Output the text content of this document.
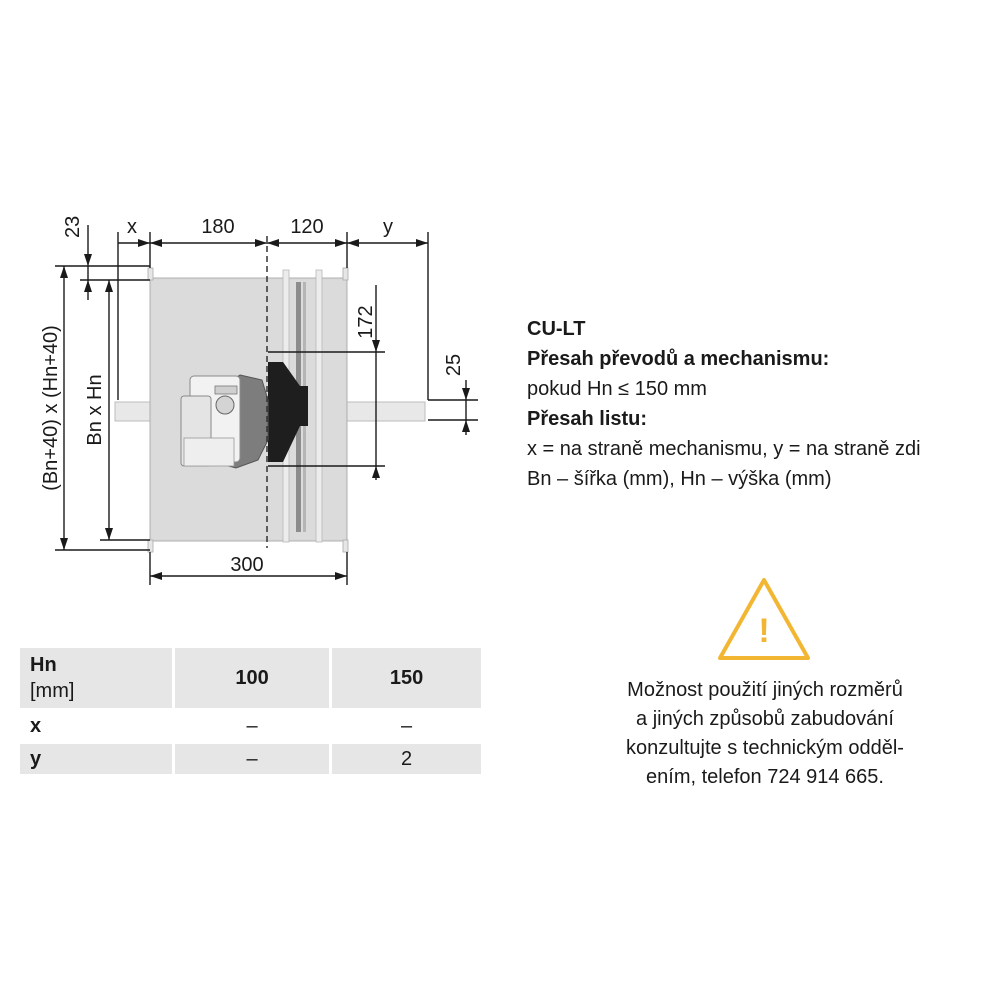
23 x	180	120	y
172
25
300
(Bn+40) x (Hn+40) Bn x Hn
CU-LT
Přesah převodů a mechanismu:
pokud Hn ≤ 150 mm
Přesah listu:
x = na straně mechanismu, y = na straně zdi
Bn – šířka (mm), Hn – výška (mm)
Hn
[mm]	100	150
x	–	–
y	–	2
!
Možnost použití jiných rozměrů
a jiných způsobů zabudování
konzultujte s technickým odděl-
ením, telefon 724 914 665.
